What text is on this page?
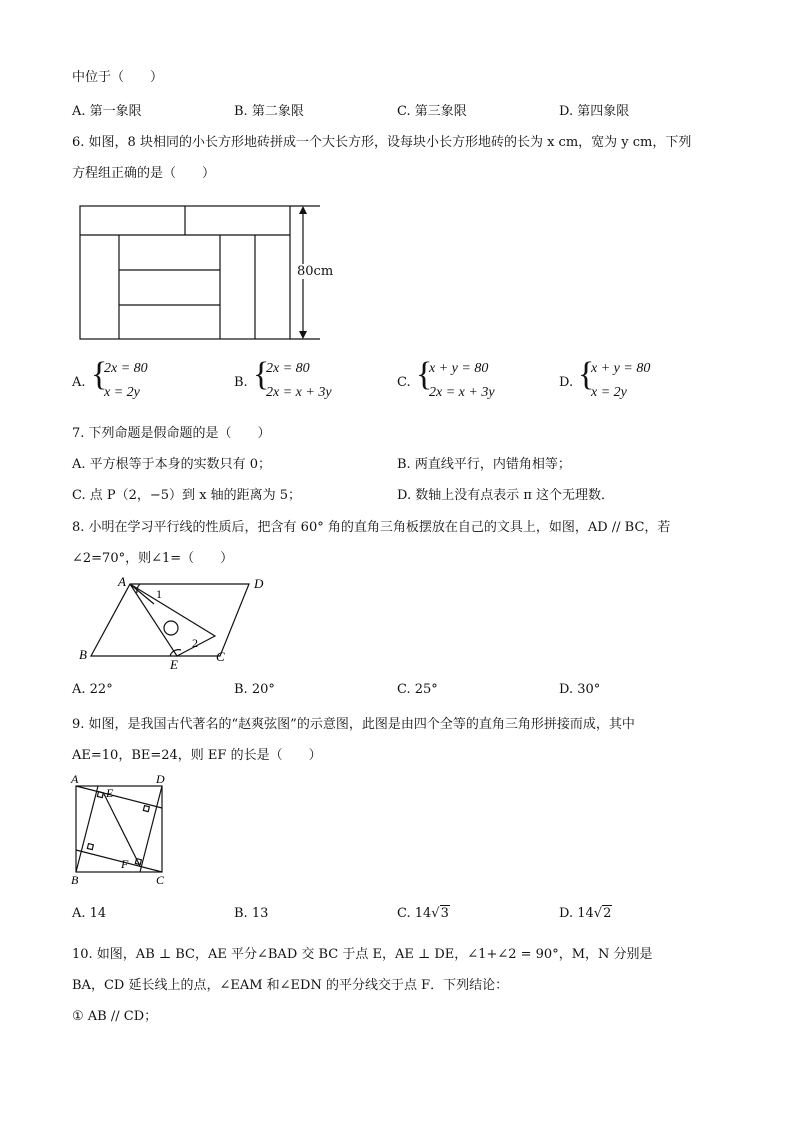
中位于（　　）
A. 第一象限	B. 第二象限	C. 第三象限	D. 第四象限
6. 如图，8 块相同的小长方形地砖拼成一个大长方形，设每块小长方形地砖的长为 x cm，宽为 y cm，下列
方程组正确的是（　　）
80cm
A. {
2x = 80
x = 2y
B. {
2x = 80
2x = x + 3y
C. {
x + y = 80
2x = x + 3y
D. {
x + y = 80
x = 2y
7. 下列命题是假命题的是（　　）
A. 平方根等于本身的实数只有 0；	B. 两直线平行，内错角相等；
C. 点 P（2，−5）到 x 轴的距离为 5；	D. 数轴上没有点表示 π 这个无理数．
8. 小明在学习平行线的性质后，把含有 60° 角的直角三角板摆放在自己的文具上，如图，AD // BC，若
∠2=70°，则∠1=（　　）
A	D
B
E
C
1
2
A. 22°	B. 20°	C. 25°	D. 30°
9. 如图，是我国古代著名的“赵爽弦图”的示意图，此图是由四个全等的直角三角形拼接而成，其中
AE=10，BE=24，则 EF 的长是（　　）
A	D
E
F
B	C
A. 14	B. 13	C. 14√3	D. 14√2
10. 如图，AB ⊥ BC，AE 平分∠BAD 交 BC 于点 E，AE ⊥ DE，∠1+∠2 = 90°，M，N 分别是
BA，CD 延长线上的点，∠EAM 和∠EDN 的平分线交于点 F．下列结论：
① AB // CD；
